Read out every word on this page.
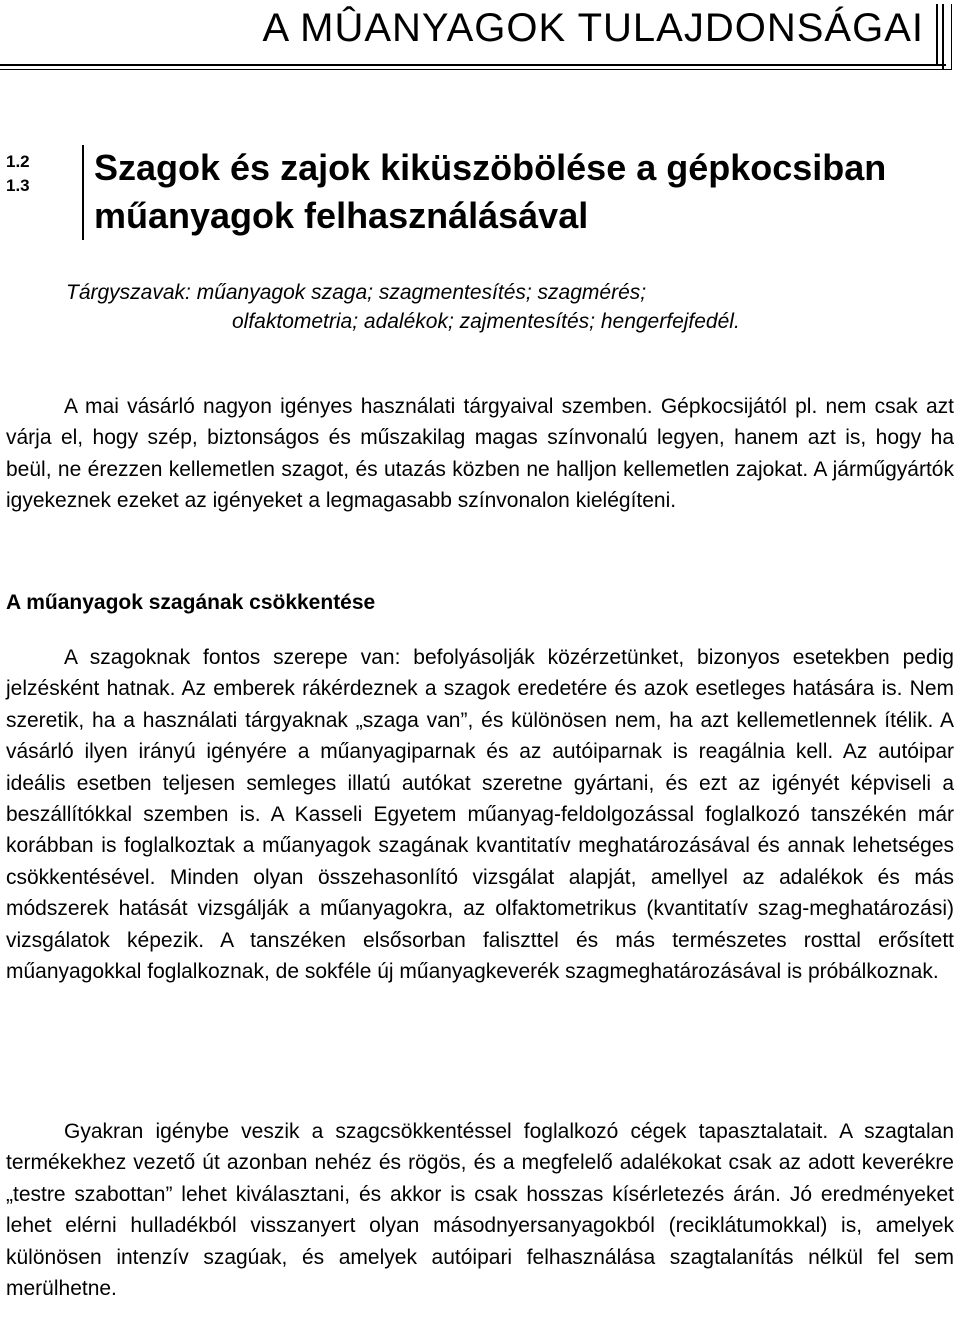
A MÛANYAGOK TULAJDONSÁGAI
1.2
1.3 Szagok és zajok kiküszöbölése a gépkocsiban műanyagok felhasználásával
Tárgyszavak: műanyagok szaga; szagmentesítés; szagmérés;
olfaktometria; adalékok; zajmentesítés; hengerfejfedél.

A mai vásárló nagyon igényes használati tárgyaival szemben. Gépkocsijától pl. nem csak azt várja el, hogy szép, biztonságos és műszakilag magas színvonalú legyen, hanem azt is, hogy ha beül, ne érezzen kellemetlen szagot, és utazás közben ne halljon kellemetlen zajokat. A járműgyártók igyekeznek ezeket az igényeket a legmagasabb színvonalon kielégíteni.

A műanyagok szagának csökkentése

A szagoknak fontos szerepe van: befolyásolják közérzetünket, bizonyos esetekben pedig jelzésként hatnak. Az emberek rákérdeznek a szagok eredetére és azok esetleges hatására is. Nem szeretik, ha a használati tárgyaknak „szaga van”, és különösen nem, ha azt kellemetlennek ítélik. A vásárló ilyen irányú igényére a műanyagiparnak és az autóiparnak is reagálnia kell. Az autóipar ideális esetben teljesen semleges illatú autókat szeretne gyártani, és ezt az igényét képviseli a beszállítókkal szemben is. A Kasseli Egyetem műanyag-feldolgozással foglalkozó tanszékén már korábban is foglalkoztak a műanyagok szagának kvantitatív meghatározásával és annak lehetséges csökkentésével. Minden olyan összehasonlító vizsgálat alapját, amellyel az adalékok és más módszerek hatását vizsgálják a műanyagokra, az olfaktometrikus (kvantitatív szag-meghatározási) vizsgálatok képezik. A tanszéken elsősorban faliszttel és más természetes rosttal erősített műanyagokkal foglalkoznak, de sokféle új műanyagkeverék szagmeghatározásával is próbálkoznak.

Gyakran igénybe veszik a szagcsökkentéssel foglalkozó cégek tapasztalatait. A szagtalan termékekhez vezető út azonban nehéz és rögös, és a megfelelő adalékokat csak az adott keverékre „testre szabottan” lehet kiválasztani, és akkor is csak hosszas kísérletezés árán. Jó eredményeket lehet elérni hulladékból visszanyert olyan másodnyersanyagokból (reciklátumokkal) is, amelyek különösen intenzív szagúak, és amelyek autóipari felhasználása szagtalanítás nélkül fel sem merülhetne.
